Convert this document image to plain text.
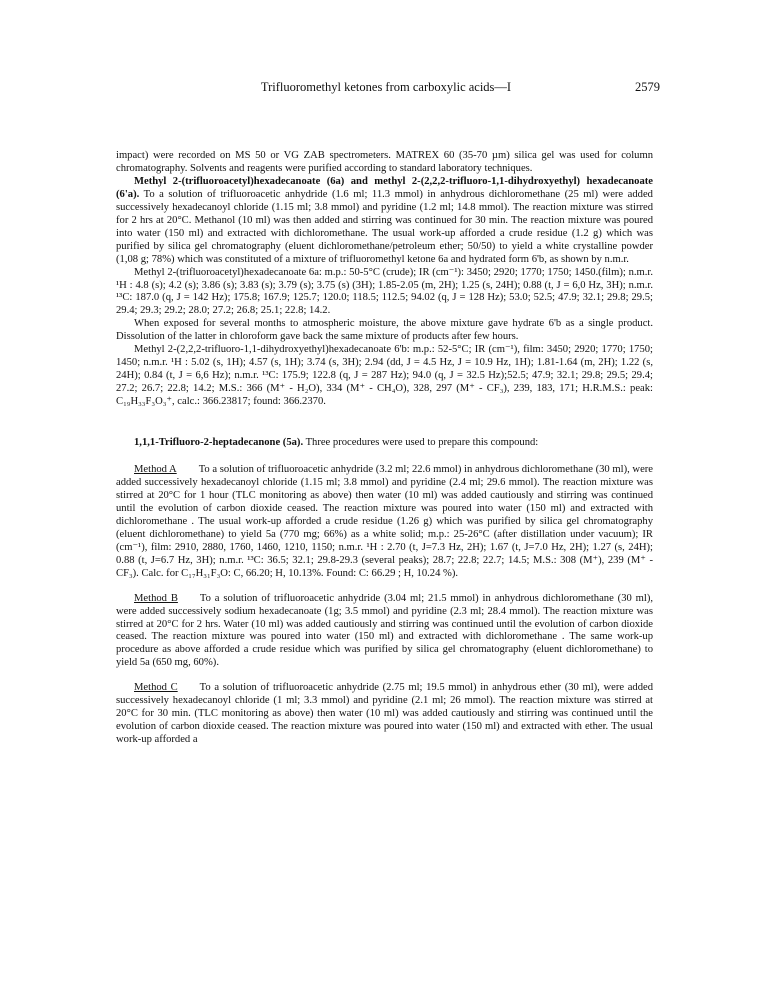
Trifluoromethyl ketones from carboxylic acids—I	2579

impact) were recorded on MS 50 or VG ZAB spectrometers. MATREX 60 (35-70 µm) silica gel was used for column chromatography. Solvents and reagents were purified according to standard laboratory techniques.

Methyl 2-(trifluoroacetyl)hexadecanoate (6a) and methyl 2-(2,2,2-trifluoro-1,1-dihydroxyethyl) hexadecanoate (6'a). To a solution of trifluoroacetic anhydride (1.6 ml; 11.3 mmol) in anhydrous dichloromethane (25 ml) were added successively hexadecanoyl chloride (1.15 ml; 3.8 mmol) and pyridine (1.2 ml; 14.8 mmol). The reaction mixture was stirred for 2 hrs at 20°C. Methanol (10 ml) was then added and stirring was continued for 30 min. The reaction mixture was poured into water (150 ml) and extracted with dichloromethane. The usual work-up afforded a crude residue (1.2 g) which was purified by silica gel chromatography (eluent dichloromethane/petroleum ether; 50/50) to yield a white crystalline powder (1,08 g; 78%) which was constituted of a mixture of trifluoromethyl ketone 6a and hydrated form 6'b, as shown by n.m.r.

Methyl 2-(trifluoroacetyl)hexadecanoate 6a: m.p.: 50-5°C (crude); IR (cm⁻¹): 3450; 2920; 1770; 1750; 1450.(film); n.m.r. ¹H : 4.8 (s); 4.2 (s); 3.86 (s); 3.83 (s); 3.79 (s); 3.75 (s) (3H); 1.85-2.05 (m, 2H); 1.25 (s, 24H); 0.88 (t, J = 6,0 Hz, 3H); n.m.r. ¹³C: 187.0 (q, J = 142 Hz); 175.8; 167.9; 125.7; 120.0; 118.5; 112.5; 94.02 (q, J = 128 Hz); 53.0; 52.5; 47.9; 32.1; 29.8; 29.5; 29.4; 29.3; 29.2; 28.0; 27.2; 26.8; 25.1; 22.8; 14.2.

When exposed for several months to atmospheric moisture, the above mixture gave hydrate 6'b as a single product. Dissolution of the latter in chloroform gave back the same mixture of products after few hours.

Methyl 2-(2,2,2-trifluoro-1,1-dihydroxyethyl)hexadecanoate 6'b: m.p.: 52-5°C; IR (cm⁻¹), film: 3450; 2920; 1770; 1750; 1450; n.m.r. ¹H : 5.02 (s, 1H); 4.57 (s, 1H); 3.74 (s, 3H); 2.94 (dd, J = 4.5 Hz, J = 10.9 Hz, 1H); 1.81-1.64 (m, 2H); 1.22 (s, 24H); 0.84 (t, J = 6,6 Hz); n.m.r. ¹³C: 175.9; 122.8 (q, J = 287 Hz); 94.0 (q, J = 32.5 Hz);52.5; 47.9; 32.1; 29.8; 29.5; 29.4; 27.2; 26.7; 22.8; 14.2; M.S.: 366 (M⁺ - H₂O), 334 (M⁺ - CH₄O), 328, 297 (M⁺ - CF₃), 239, 183, 171; H.R.M.S.: peak: C₁₉H₃₃F₃O₃⁺, calc.: 366.23817; found: 366.2370.

1,1,1-Trifluoro-2-heptadecanone (5a). Three procedures were used to prepare this compound:

Method A To a solution of trifluoroacetic anhydride (3.2 ml; 22.6 mmol) in anhydrous dichloromethane (30 ml), were added successively hexadecanoyl chloride (1.15 ml; 3.8 mmol) and pyridine (2.4 ml; 29.6 mmol). The reaction mixture was stirred at 20°C for 1 hour (TLC monitoring as above) then water (10 ml) was added cautiously and stirring was continued until the evolution of carbon dioxide ceased. The reaction mixture was poured into water (150 ml) and extracted with dichloromethane . The usual work-up afforded a crude residue (1.26 g) which was purified by silica gel chromatography (eluent dichloromethane) to yield 5a (770 mg; 66%) as a white solid; m.p.: 25-26°C (after distillation under vacuum); IR (cm⁻¹), film: 2910, 2880, 1760, 1460, 1210, 1150; n.m.r. ¹H : 2.70 (t, J=7.3 Hz, 2H); 1.67 (t, J=7.0 Hz, 2H); 1.27 (s, 24H); 0.88 (t, J=6.7 Hz, 3H); n.m.r. ¹³C: 36.5; 32.1; 29.8-29.3 (several peaks); 28.7; 22.8; 22.7; 14.5; M.S.: 308 (M⁺), 239 (M⁺ - CF₃). Calc. for C₁₇H₃₁F₃O: C, 66.20; H, 10.13%. Found: C: 66.29 ; H, 10.24 %).

Method B To a solution of trifluoroacetic anhydride (3.04 ml; 21.5 mmol) in anhydrous dichloromethane (30 ml), were added successively sodium hexadecanoate (1g; 3.5 mmol) and pyridine (2.3 ml; 28.4 mmol). The reaction mixture was stirred at 20°C for 2 hrs. Water (10 ml) was added cautiously and stirring was continued until the evolution of carbon dioxide ceased. The reaction mixture was poured into water (150 ml) and extracted with dichloromethane . The same work-up procedure as above afforded a crude residue which was purified by silica gel chromatography (eluent dichloromethane) to yield 5a (650 mg, 60%).

Method C To a solution of trifluoroacetic anhydride (2.75 ml; 19.5 mmol) in anhydrous ether (30 ml), were added successively hexadecanoyl chloride (1 ml; 3.3 mmol) and pyridine (2.1 ml; 26 mmol). The reaction mixture was stirred at 20°C for 30 min. (TLC monitoring as above) then water (10 ml) was added cautiously and stirring was continued until the evolution of carbon dioxide ceased. The reaction mixture was poured into water (150 ml) and extracted with ether. The usual work-up afforded a
